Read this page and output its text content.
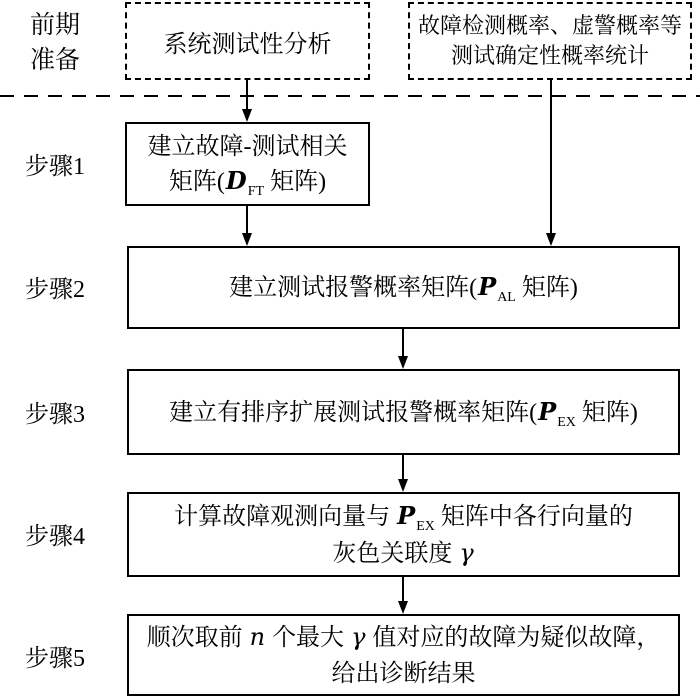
前期
准备
系统测试性分析
故障检测概率、虚警概率等
测试确定性概率统计
步骤1
步骤2
步骤3
步骤4
步骤5
建立故障-测试相关
矩阵($D_{FT}$ 矩阵)
建立测试报警概率矩阵($P_{AL}$ 矩阵)
建立有排序扩展测试报警概率矩阵($P_{EX}$ 矩阵)
计算故障观测向量与 $P_{EX}$ 矩阵中各行向量的
灰色关联度 γ
顺次取前 n 个最大 γ 值对应的故障为疑似故障，
给出诊断结果
